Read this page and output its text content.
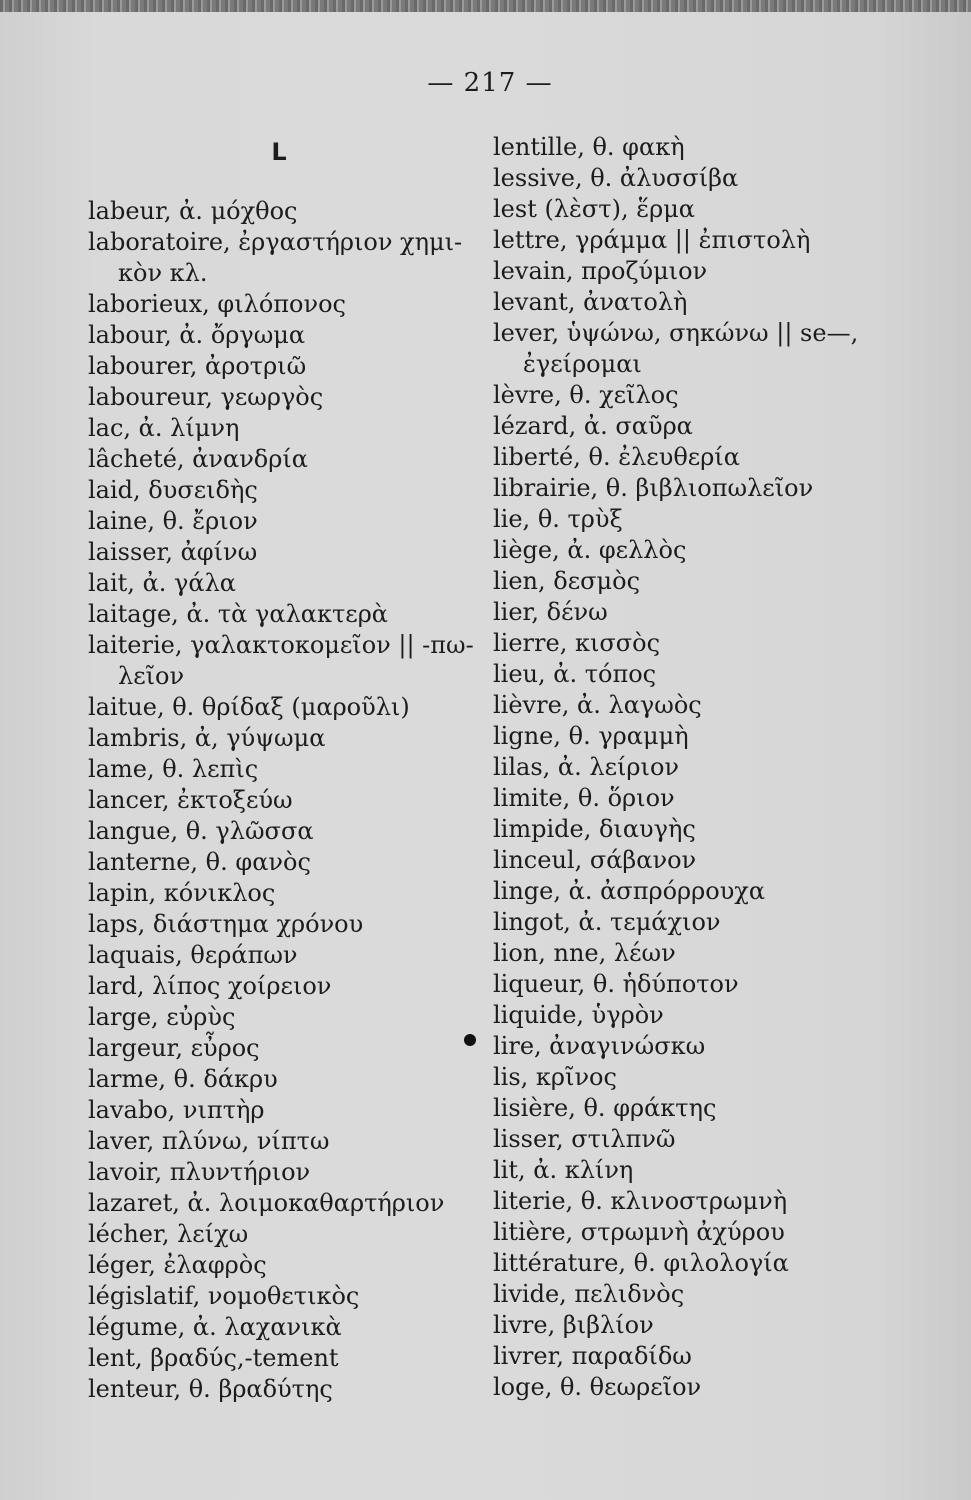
— 217 —
L
labeur, ἀ. μόχθος
laboratoire, ἐργαστήριον χημι-
κὸν κλ.
laborieux, φιλόπονος
labour, ἀ. ὄργωμα
labourer, ἀροτριῶ
laboureur, γεωργὸς
lac, ἀ. λίμνη
lâcheté, ἀνανδρία
laid, δυσειδὴς
laine, θ. ἔριον
laisser, ἀφίνω
lait, ἀ. γάλα
laitage, ἀ. τὰ γαλακτερὰ
laiterie, γαλακτοκομεῖον || -πω-
λεῖον
laitue, θ. θρίδαξ (μαροῦλι)
lambris, ἀ, γύψωμα
lame, θ. λεπὶς
lancer, ἐκτοξεύω
langue, θ. γλῶσσα
lanterne, θ. φανὸς
lapin, κόνικλος
laps, διάστημα χρόνου
laquais, θεράπων
lard, λίπος χοίρειον
large, εὐρὺς
largeur, εὖρος
larme, θ. δάκρυ
lavabo, νιπτὴρ
laver, πλύνω, νίπτω
lavoir, πλυντήριον
lazaret, ἀ. λοιμοκαθαρτήριον
lécher, λείχω
léger, ἐλαφρὸς
législatif, νομοθετικὸς
légume, ἀ. λαχανικὰ
lent, βραδύς,-tement
lenteur, θ. βραδύτης
lentille, θ. φακὴ
lessive, θ. ἀλυσσίβα
lest (λὲστ), ἕρμα
lettre, γράμμα || ἐπιστολὴ
levain, προζύμιον
levant, ἀνατολὴ
lever, ὑψώνω, σηκώνω || se—,
ἐγείρομαι
lèvre, θ. χεῖλος
lézard, ἀ. σαῦρα
liberté, θ. ἐλευθερία
librairie, θ. βιβλιοπωλεῖον
lie, θ. τρὺξ
liège, ἀ. φελλὸς
lien, δεσμὸς
lier, δένω
lierre, κισσὸς
lieu, ἀ. τόπος
lièvre, ἀ. λαγωὸς
ligne, θ. γραμμὴ
lilas, ἀ. λείριον
limite, θ. ὅριον
limpide, διαυγὴς
linceul, σάβανον
linge, ἀ. ἀσπρόρρουχα
lingot, ἀ. τεμάχιον
lion, nne, λέων
liqueur, θ. ἡδύποτον
liquide, ὑγρὸν
lire, ἀναγινώσκω
lis, κρῖνος
lisière, θ. φράκτης
lisser, στιλπνῶ
lit, ἀ. κλίνη
literie, θ. κλινοστρωμνὴ
litière, στρωμνὴ ἀχύρου
littérature, θ. φιλολογία
livide, πελιδνὸς
livre, βιβλίον
livrer, παραδίδω
loge, θ. θεωρεῖον
